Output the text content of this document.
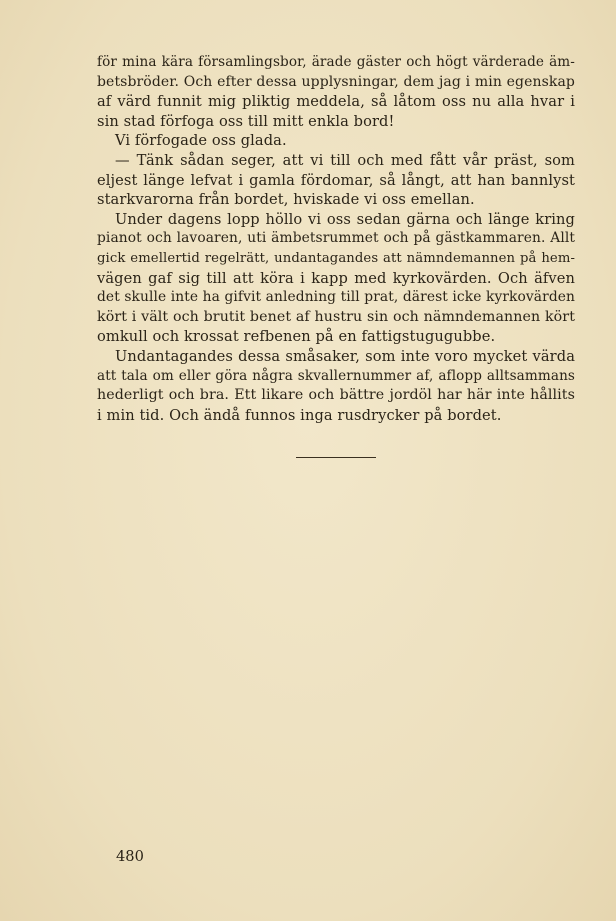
för mina kära församlingsbor, ärade gäster och högt värderade äm-
betsbröder. Och efter dessa upplysningar, dem jag i min egenskap
af värd funnit mig pliktig meddela, så låtom oss nu alla hvar i
sin stad förfoga oss till mitt enkla bord!
Vi förfogade oss glada.
— Tänk sådan seger, att vi till och med fått vår präst, som
eljest länge lefvat i gamla fördomar, så långt, att han bannlyst
starkvarorna från bordet, hviskade vi oss emellan.
Under dagens lopp höllo vi oss sedan gärna och länge kring
pianot och lavoaren, uti ämbetsrummet och på gästkammaren. Allt
gick emellertid regelrätt, undantagandes att nämndemannen på hem-
vägen gaf sig till att köra i kapp med kyrkovärden. Och äfven
det skulle inte ha gifvit anledning till prat, därest icke kyrkovärden
kört i vält och brutit benet af hustru sin och nämndemannen kört
omkull och krossat refbenen på en fattigstugugubbe.
Undantagandes dessa småsaker, som inte voro mycket värda
att tala om eller göra några skvallernummer af, aflopp alltsammans
hederligt och bra. Ett likare och bättre jordöl har här inte hållits
i min tid. Och ändå funnos inga rusdrycker på bordet.
480
